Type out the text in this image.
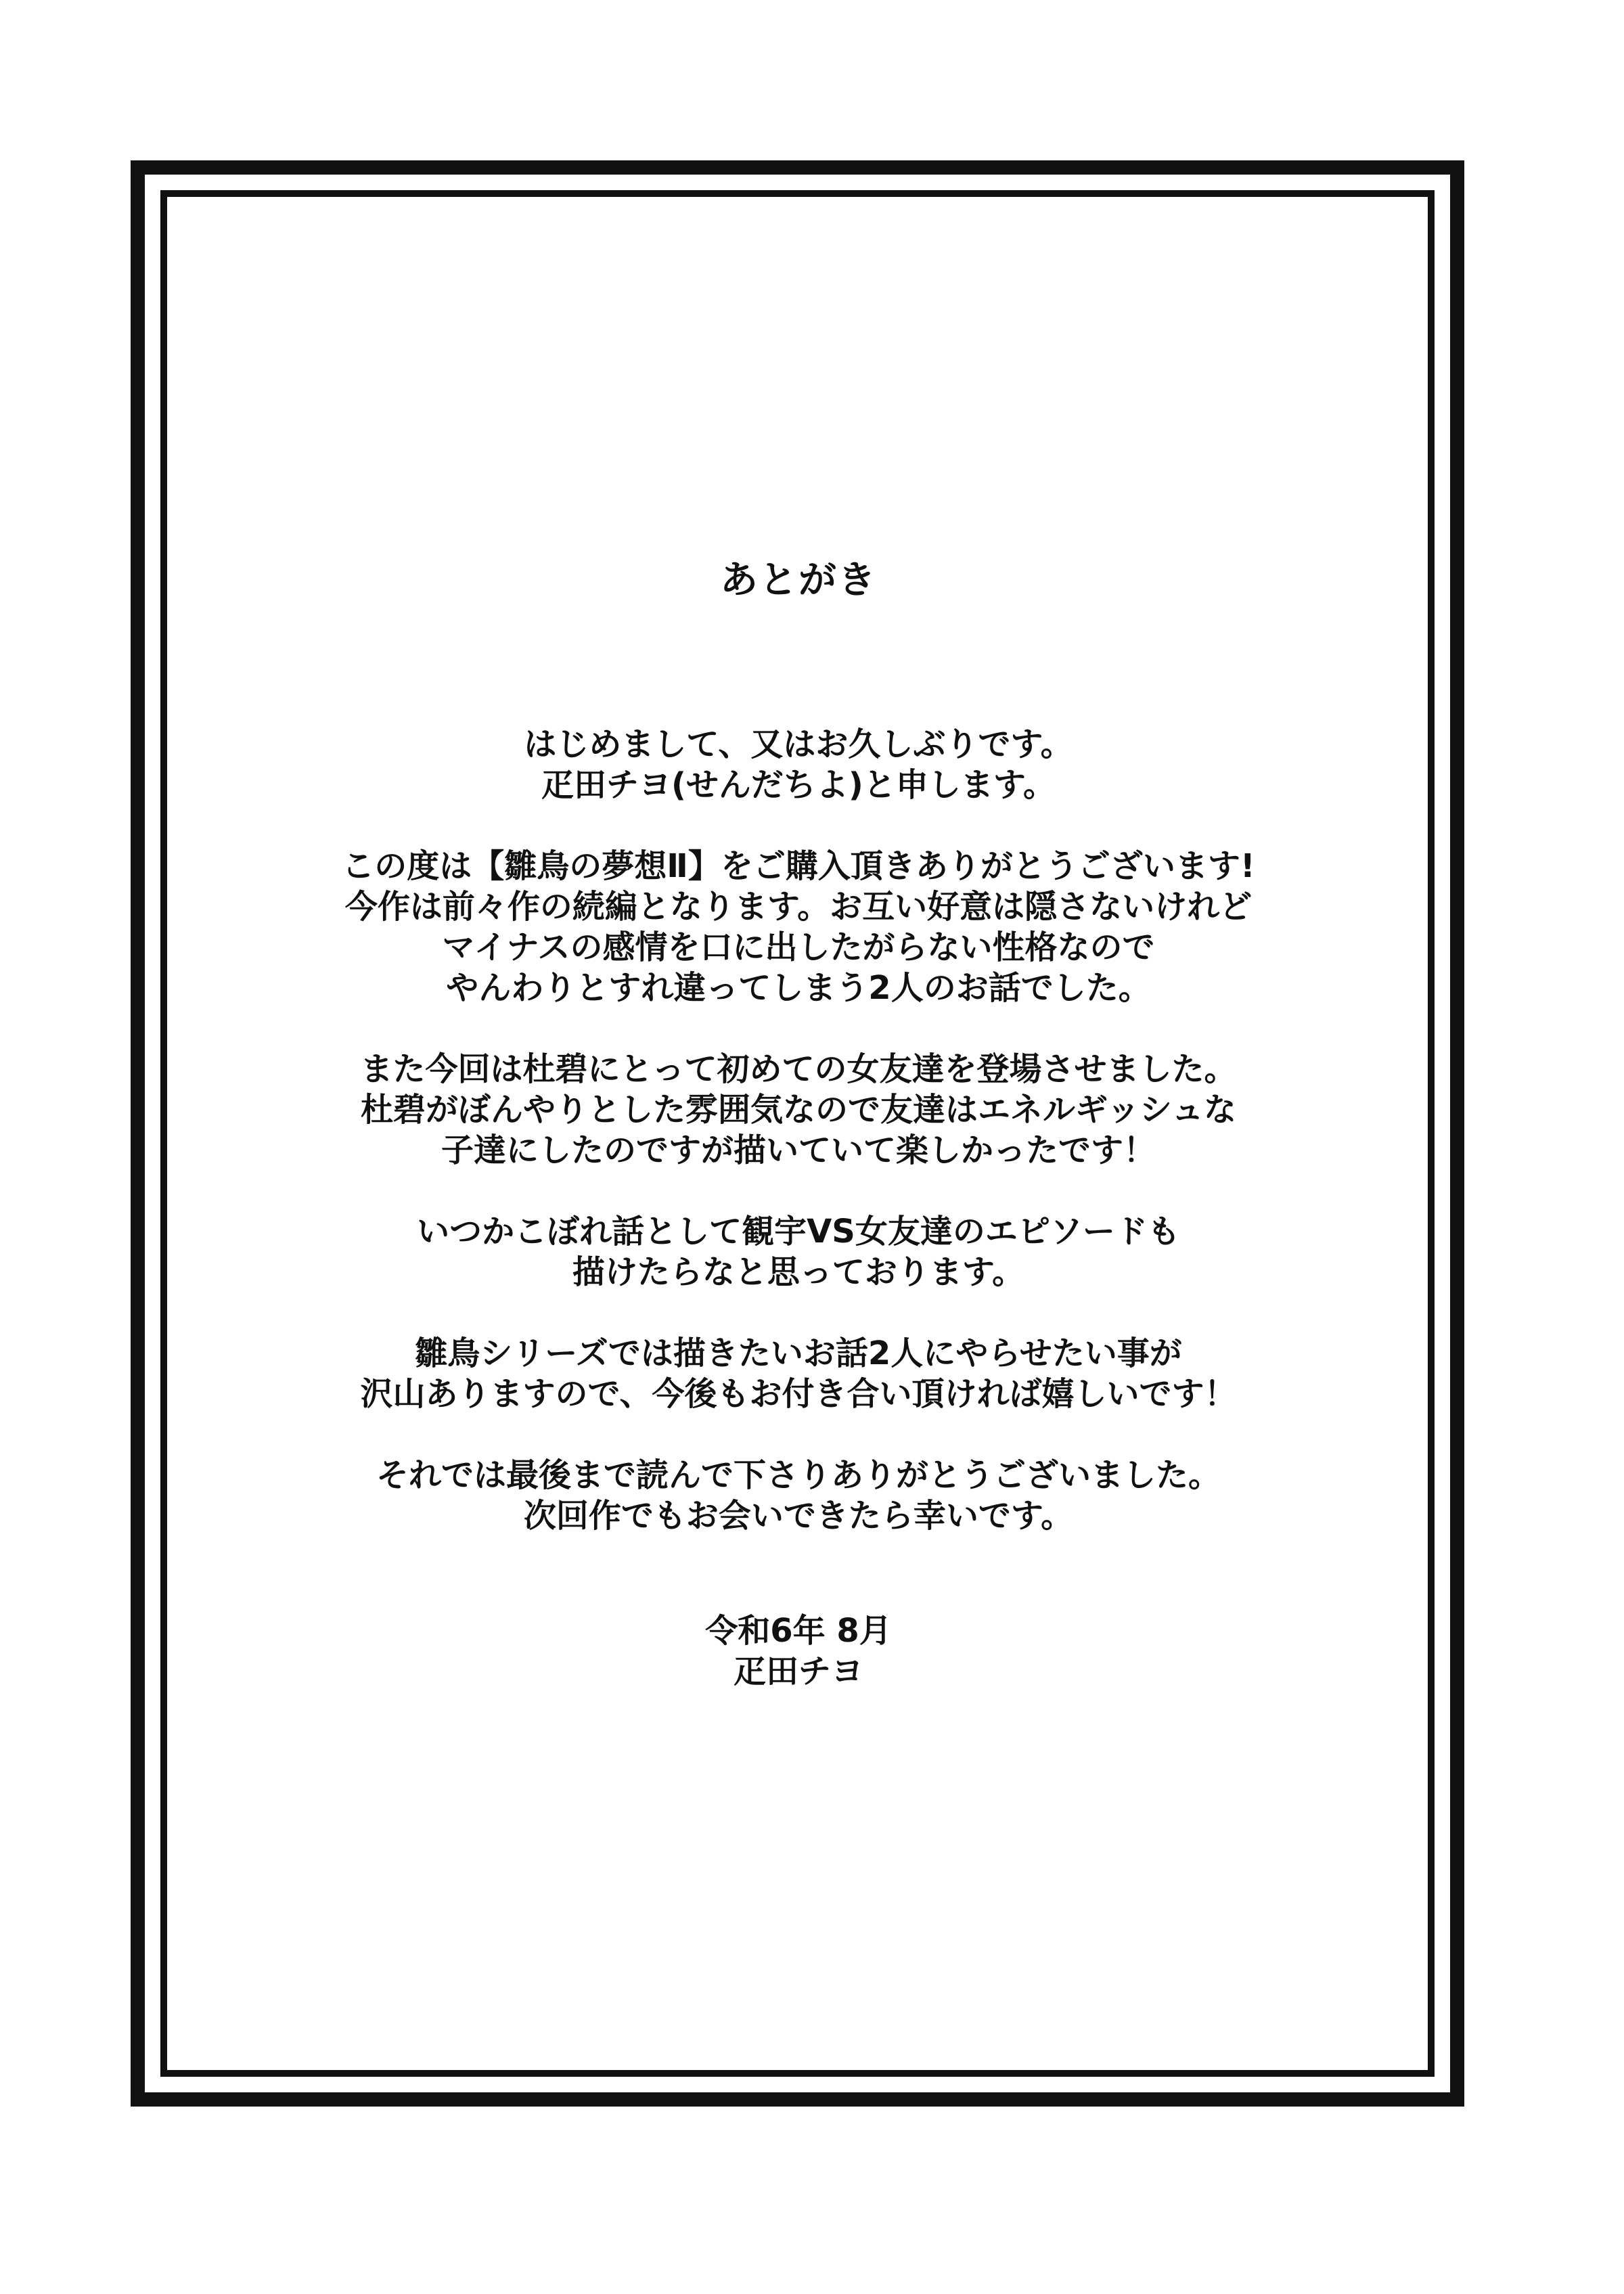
あとがき
はじめまして、又はお久しぶりです。
疋田チヨ(せんだちよ)と申します。
この度は【雛鳥の夢想Ⅱ】をご購入頂きありがとうございます!
今作は前々作の続編となります。お互い好意は隠さないけれど
マイナスの感情を口に出したがらない性格なので
やんわりとすれ違ってしまう2人のお話でした。
また今回は杜碧にとって初めての女友達を登場させました。
杜碧がぼんやりとした雰囲気なので友達はエネルギッシュな
子達にしたのですが描いていて楽しかったです！
いつかこぼれ話として観宇VS女友達のエピソードも
描けたらなと思っております。
雛鳥シリーズでは描きたいお話2人にやらせたい事が
沢山ありますので、今後もお付き合い頂ければ嬉しいです！
それでは最後まで読んで下さりありがとうございました。
次回作でもお会いできたら幸いです。
令和6年 8月
疋田チヨ
